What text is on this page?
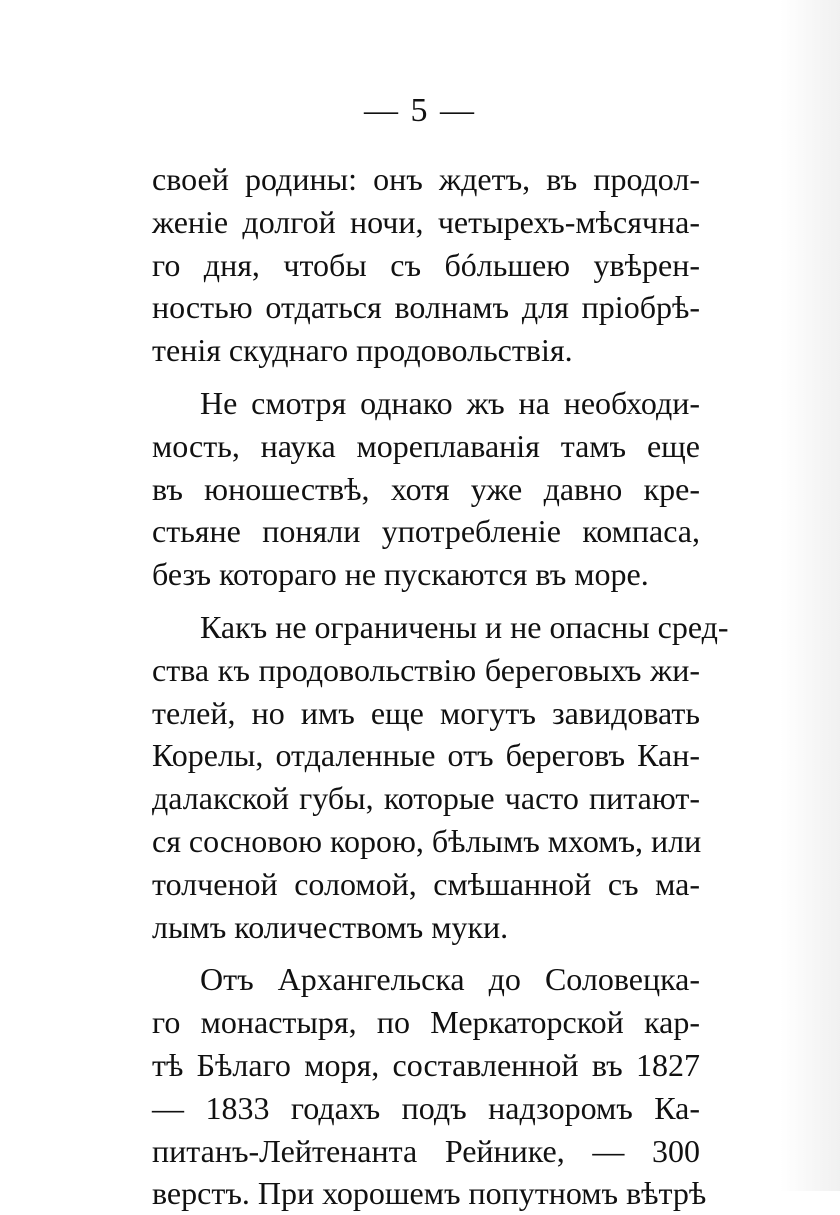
— 5 —
своей родины: онъ ждетъ, въ продол-
женіе долгой ночи, четырехъ-мѣсячна-
го дня, чтобы съ бóльшею увѣрен-
ностью отдаться волнамъ для пріобрѣ-
тенія скуднаго продовольствія.
Не смотря однако жъ на необходи-
мость, наука мореплаванія тамъ еще
въ юношествѣ, хотя уже давно кре-
стьяне поняли употребленіе компаса,
безъ котораго не пускаются въ море.
Какъ не ограничены и не опасны сред-
ства къ продовольствію береговыхъ жи-
телей, но имъ еще могутъ завидовать
Корелы, отдаленные отъ береговъ Кан-
далакской губы, которые часто питают-
ся сосновою корою, бѣлымъ мхомъ, или
толченой соломой, смѣшанной съ ма-
лымъ количествомъ муки.
Отъ Архангельска до Соловецка-
го монастыря, по Меркаторской кар-
тѣ Бѣлаго моря, составленной въ 1827
— 1833 годахъ подъ надзоромъ Ка-
питанъ-Лейтенанта Рейнике, — 300
верстъ. При хорошемъ попутномъ вѣтрѣ
